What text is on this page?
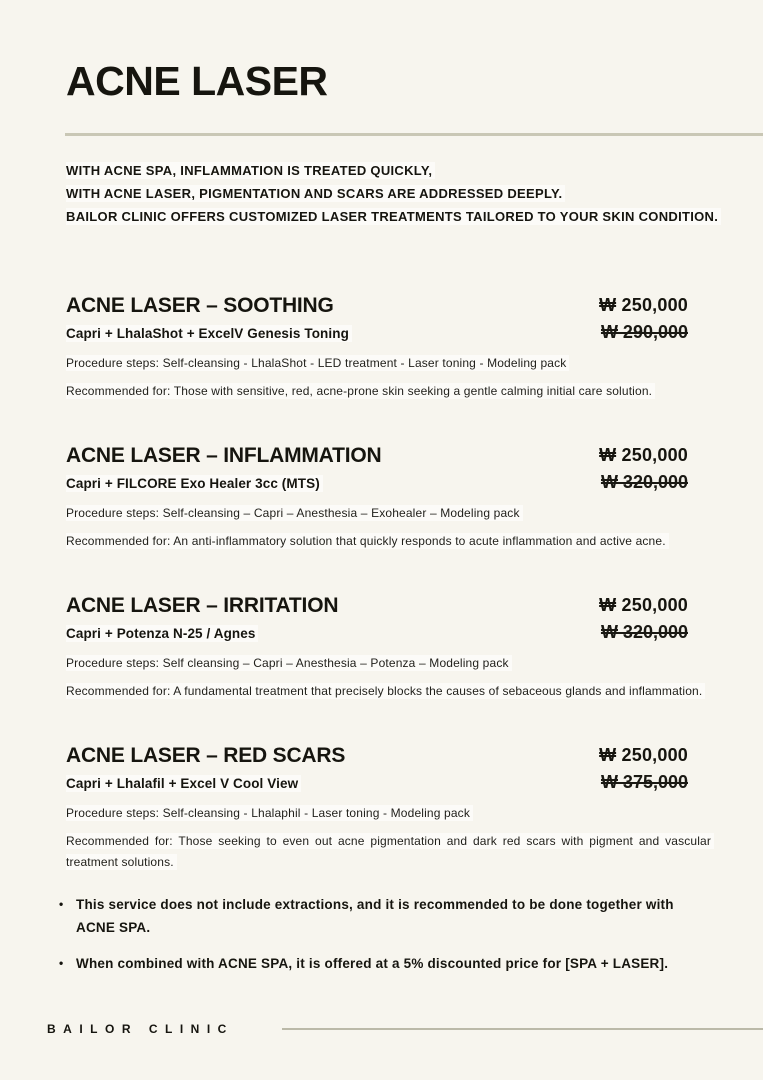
ACNE LASER

WITH ACNE SPA, INFLAMMATION IS TREATED QUICKLY,

WITH ACNE LASER, PIGMENTATION AND SCARS ARE ADDRESSED DEEPLY.

BAILOR CLINIC OFFERS CUSTOMIZED LASER TREATMENTS TAILORED TO YOUR SKIN CONDITION.

ACNE LASER – SOOTHING

Capri + LhalaShot + ExcelV Genesis Toning

Procedure steps: Self-cleansing - LhalaShot - LED treatment - Laser toning - Modeling pack

Recommended for: Those with sensitive, red, acne-prone skin seeking a gentle calming initial care solution.

₩ 250,000
₩ 290,000
ACNE LASER – INFLAMMATION

Capri + FILCORE Exo Healer 3cc (MTS)

Procedure steps: Self-cleansing – Capri – Anesthesia – Exohealer – Modeling pack

Recommended for: An anti-inflammatory solution that quickly responds to acute inflammation and active acne.

₩ 250,000
₩ 320,000
ACNE LASER – IRRITATION

Capri + Potenza N-25 / Agnes

Procedure steps: Self cleansing – Capri – Anesthesia – Potenza – Modeling pack

Recommended for: A fundamental treatment that precisely blocks the causes of sebaceous glands and inflammation.

₩ 250,000
₩ 320,000
ACNE LASER – RED SCARS

Capri + Lhalafil + Excel V Cool View

Procedure steps: Self-cleansing - Lhalaphil - Laser toning - Modeling pack

Recommended for: Those seeking to even out acne pigmentation and dark red scars with pigment and vascular treatment solutions.

₩ 250,000
₩ 375,000
• This service does not include extractions, and it is recommended to be done together with ACNE SPA.
• When combined with ACNE SPA, it is offered at a 5% discounted price for [SPA + LASER].
BAILOR CLINIC
